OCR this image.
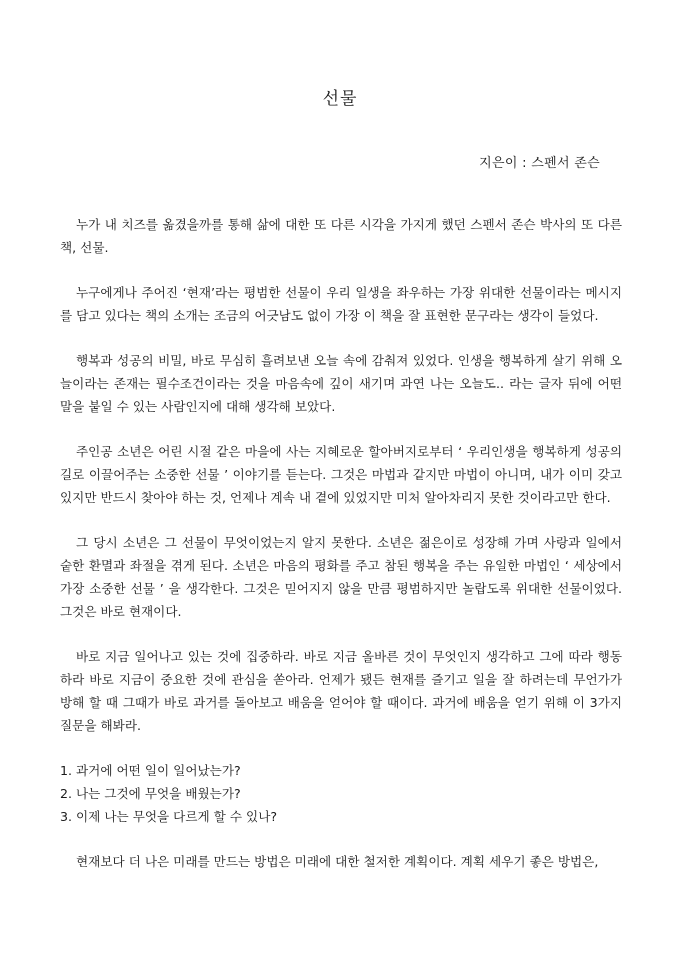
선물
지은이 : 스펜서 존슨

누가 내 치즈를 옮겼을까를 통해 삶에 대한 또 다른 시각을 가지게 했던 스펜서 존슨 박사의 또 다른 책, 선물.

누구에게나 주어진 ‘현재’라는 평범한 선물이 우리 일생을 좌우하는 가장 위대한 선물이라는 메시지를 담고 있다는 책의 소개는 조금의 어긋남도 없이 가장 이 책을 잘 표현한 문구라는 생각이 들었다.

행복과 성공의 비밀, 바로 무심히 흘려보낸 오늘 속에 감춰져 있었다. 인생을 행복하게 살기 위해 오늘이라는 존재는 필수조건이라는 것을 마음속에 깊이 새기며 과연 나는 오늘도.. 라는 글자 뒤에 어떤 말을 붙일 수 있는 사람인지에 대해 생각해 보았다.

주인공 소년은 어린 시절 같은 마을에 사는 지혜로운 할아버지로부터 ‘ 우리인생을 행복하게 성공의 길로 이끌어주는 소중한 선물 ’ 이야기를 듣는다. 그것은 마법과 같지만 마법이 아니며, 내가 이미 갖고 있지만 반드시 찾아야 하는 것, 언제나 계속 내 곁에 있었지만 미처 알아차리지 못한 것이라고만 한다.

그 당시 소년은 그 선물이 무엇이었는지 알지 못한다. 소년은 젊은이로 성장해 가며 사랑과 일에서 숱한 환멸과 좌절을 겪게 된다. 소년은 마음의 평화를 주고 참된 행복을 주는 유일한 마법인 ‘ 세상에서 가장 소중한 선물 ’ 을 생각한다. 그것은 믿어지지 않을 만큼 평범하지만 놀랍도록 위대한 선물이었다. 그것은 바로 현재이다.

바로 지금 일어나고 있는 것에 집중하라. 바로 지금 올바른 것이 무엇인지 생각하고 그에 따라 행동하라 바로 지금이 중요한 것에 관심을 쏟아라. 언제가 됐든 현재를 즐기고 일을 잘 하려는데 무언가가 방해 할 때 그때가 바로 과거를 돌아보고 배움을 얻어야 할 때이다. 과거에 배움을 얻기 위해 이 3가지 질문을 해봐라.

1. 과거에 어떤 일이 일어났는가?
2. 나는 그것에 무엇을 배웠는가?
3. 이제 나는 무엇을 다르게 할 수 있나?

현재보다 더 나은 미래를 만드는 방법은 미래에 대한 철저한 계획이다. 계획 세우기 좋은 방법은,
